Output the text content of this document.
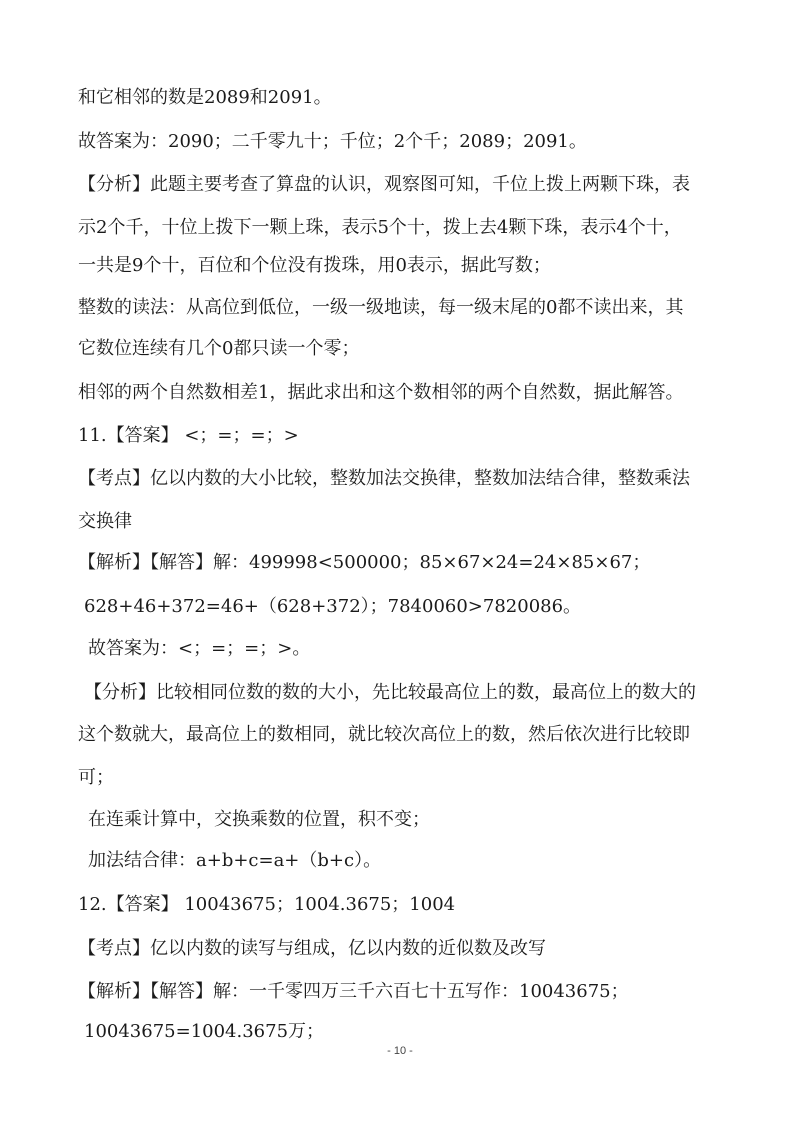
和它相邻的数是2089和2091。
故答案为：2090；二千零九十；千位；2个千；2089；2091。
【分析】此题主要考查了算盘的认识，观察图可知，千位上拨上两颗下珠，表
示2个千，十位上拨下一颗上珠，表示5个十，拨上去4颗下珠，表示4个十，
一共是9个十，百位和个位没有拨珠，用0表示，据此写数；
整数的读法：从高位到低位，一级一级地读，每一级末尾的0都不读出来，其
它数位连续有几个0都只读一个零；
相邻的两个自然数相差1，据此求出和这个数相邻的两个自然数，据此解答。
11.【答案】 <；=；=；>
【考点】亿以内数的大小比较，整数加法交换律，整数加法结合律，整数乘法
交换律
【解析】【解答】解：499998<500000；85×67×24=24×85×67；
628+46+372=46+（628+372）；7840060>7820086。
故答案为：<；=；=；>。
【分析】比较相同位数的数的大小，先比较最高位上的数，最高位上的数大的
这个数就大，最高位上的数相同，就比较次高位上的数，然后依次进行比较即
可；
在连乘计算中，交换乘数的位置，积不变；
加法结合律：a+b+c=a+（b+c）。
12.【答案】 10043675；1004.3675；1004
【考点】亿以内数的读写与组成，亿以内数的近似数及改写
【解析】【解答】解：一千零四万三千六百七十五写作：10043675；
10043675=1004.3675万；
- 10 -
